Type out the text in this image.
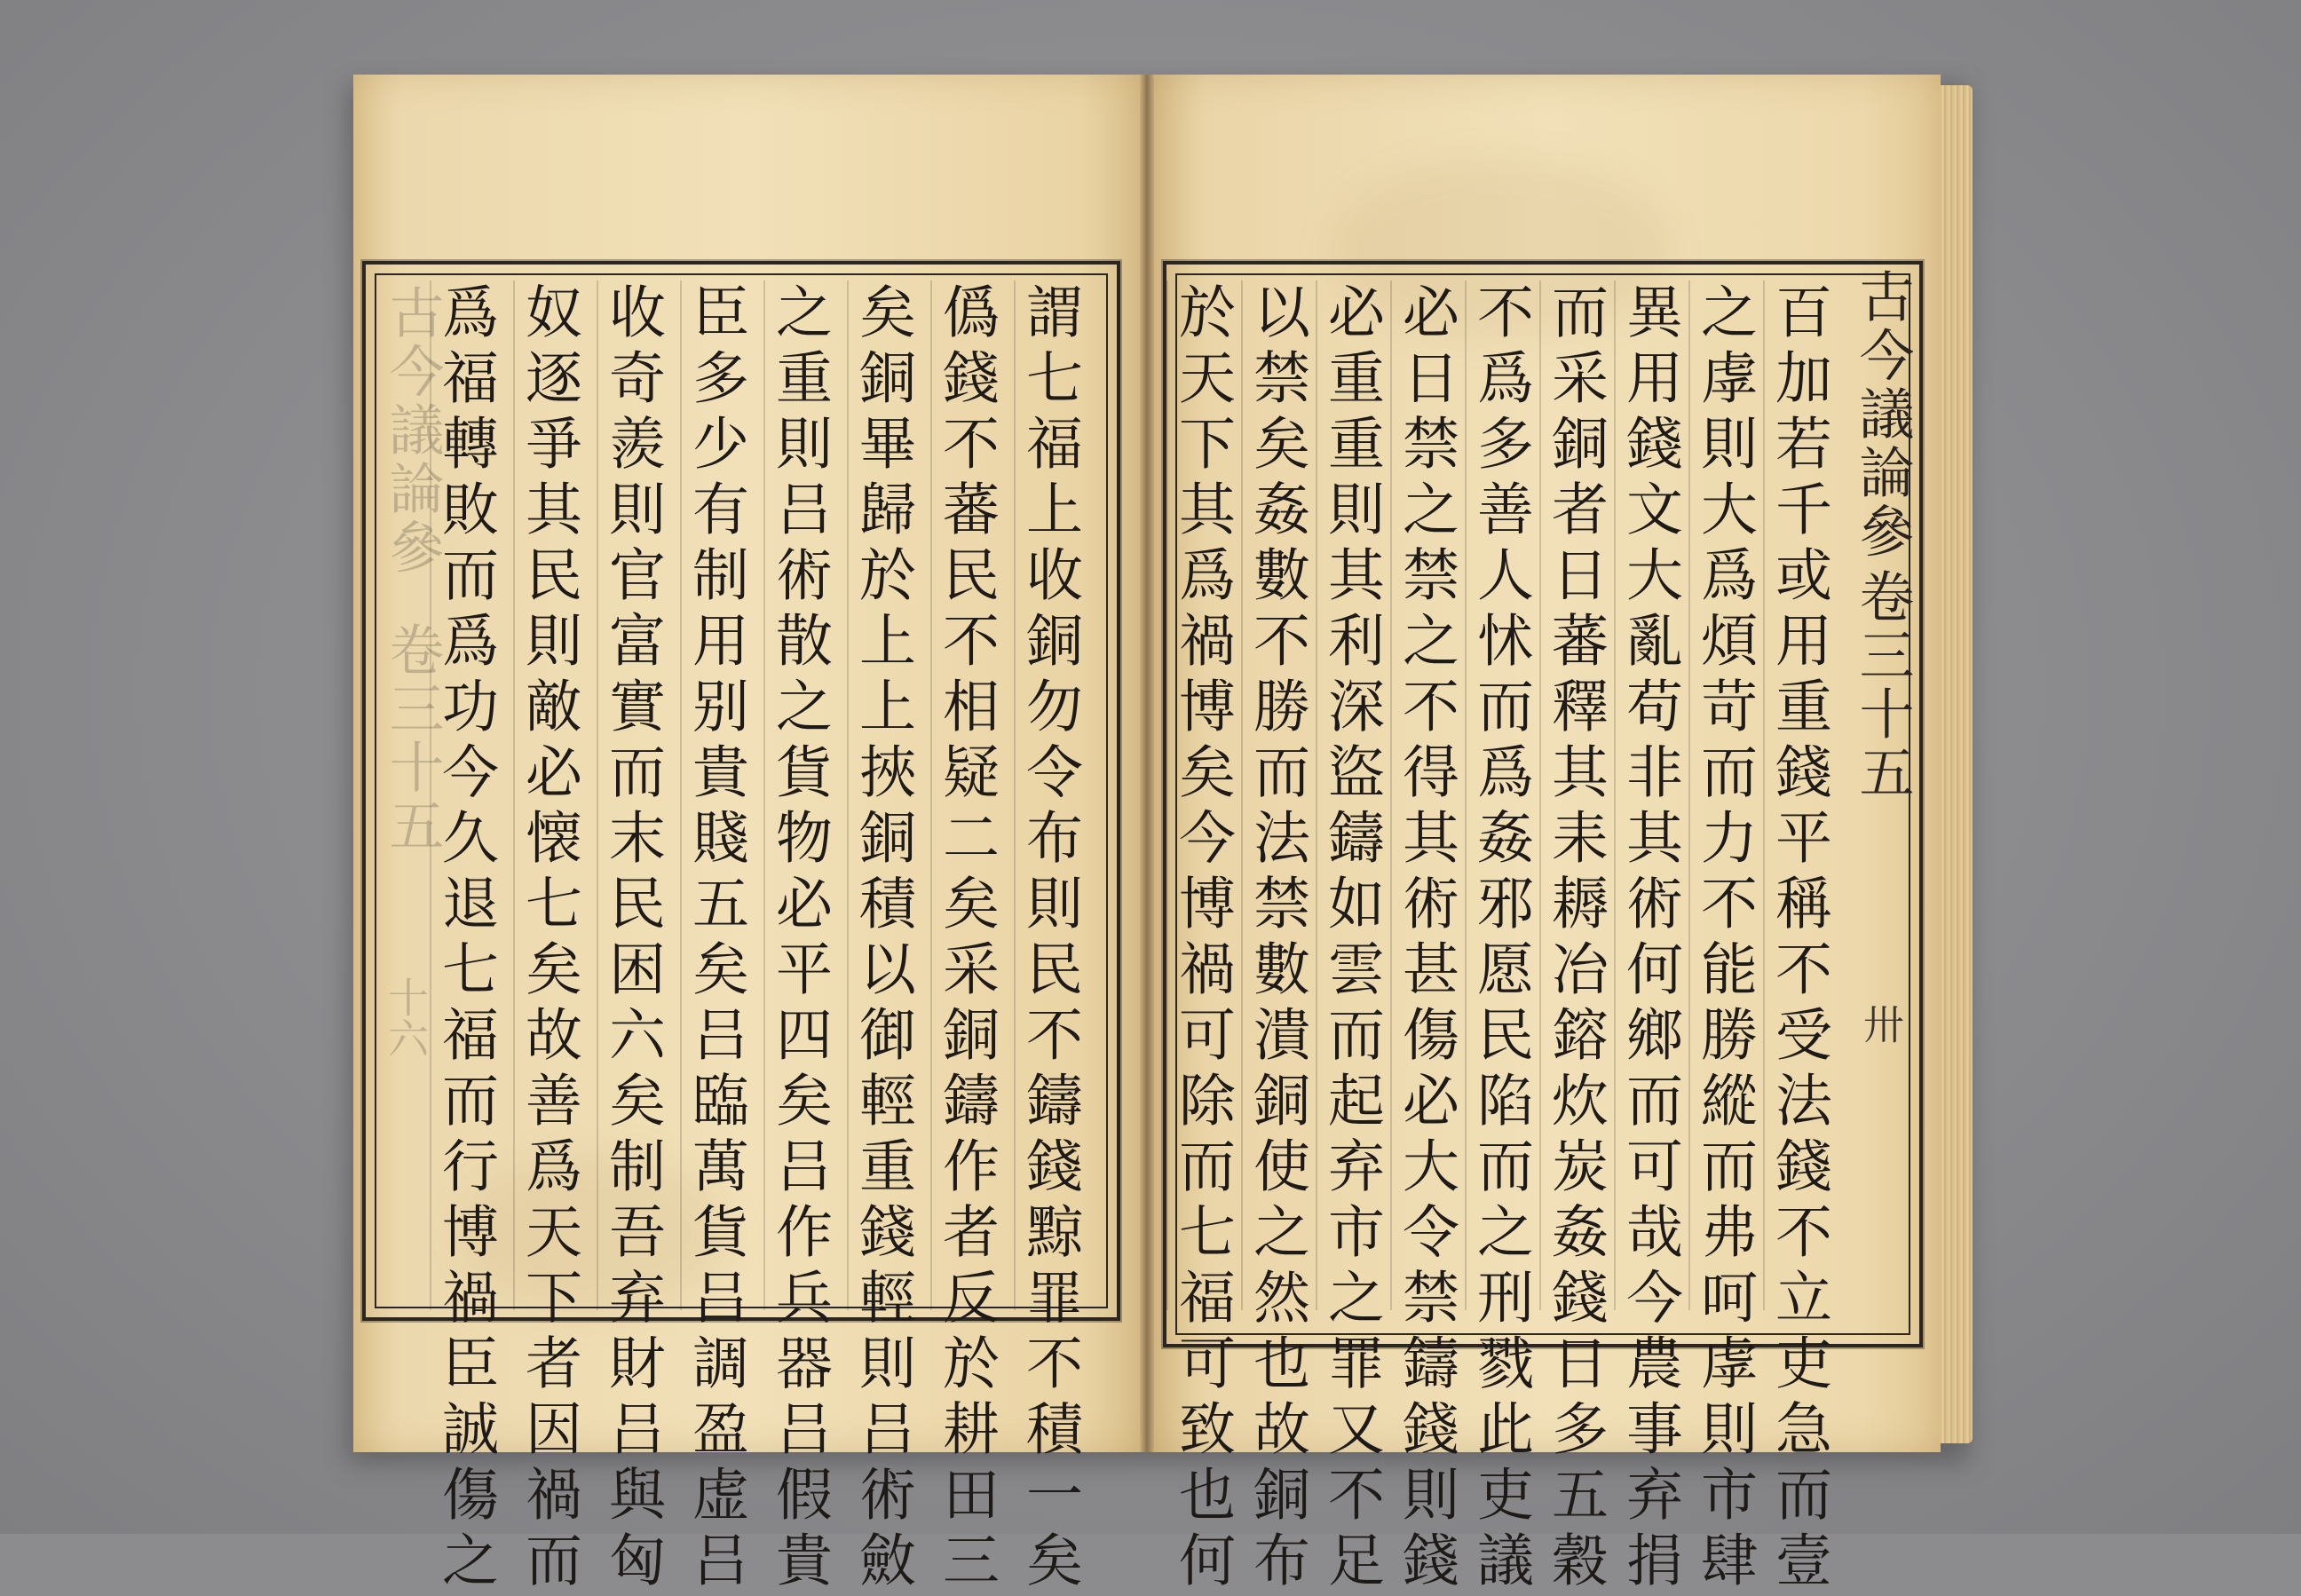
古今議論參
卷三十五
十六	謂七福上收銅勿令布則民不鑄錢黥罪不積一矣
僞錢不蕃民不相疑二矣采銅鑄作者反於耕田三
矣銅畢歸於上上挾銅積以御輕重錢輕則吕術斂
之重則吕術散之貨物必平四矣吕作兵器吕假貴
臣多少有制用别貴賤五矣吕臨萬貨吕調盈虚吕
收奇羨則官富實而末民困六矣制吾弃財吕與匈
奴逐爭其民則敵必懐七矣故善爲天下者因禍而
爲福轉敗而爲功今久退七福而行博禍臣誠傷之	古今議論參
卷三十五
卅
百加若千或用重錢平稱不受法錢不立吏急而壹
之虖則大爲煩苛而力不能勝縱而弗呵虖則市肆
異用錢文大亂苟非其術何鄉而可哉今農事弃捐
而采銅者日蕃釋其耒耨冶鎔炊炭姦錢日多五穀
不爲多善人怵而爲姦邪愿民陷而之刑戮此吏議
必日禁之禁之不得其術甚傷必大令禁鑄錢則錢
必重重則其利深盜鑄如雲而起弃市之罪又不足
以禁矣姦數不勝而法禁數潰銅使之然也故銅布
於天下其爲禍博矣今博禍可除而七福可致也何
